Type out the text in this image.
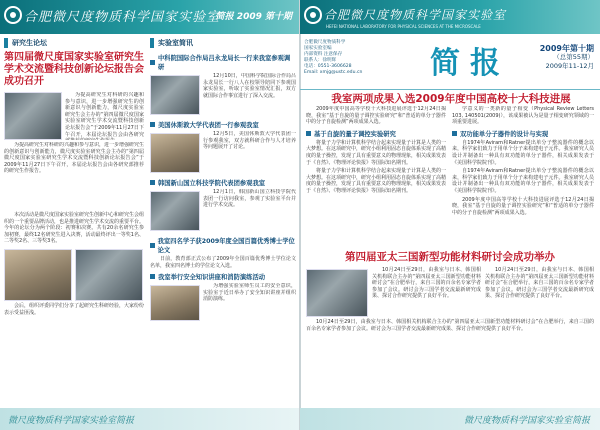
合肥微尺度物质科学国家实验室
简报 2009 第十期
研究生论坛
第四届微尺度国家实验室研究生学术交流暨科技创新论坛报告会成功召开

为提高研究生对科研的兴趣和参与意识，进一步增强研究生的创新意识与创新能力，微尺度实验室研究生会主办的“第四届微尺度国家实验室研究生学术交流暨科技创新论坛报告会”于2009年11月27日下午召开，本届论坛报告会由各研究

为提高研究生对科研的兴趣和参与意识，进一步增强研究生的创新意识与创新能力，微尺度实验室研究生会主办的“第四届微尺度国家实验室研究生学术交流暨科技创新论坛报告会”于2009年11月27日下午召开，本届论坛报告会由各研究部推荐的研究生作报告。

本次活动是微尺度国家实验室研究生创新中心和研究生会组织的一个重要品牌活动，也是推进研究生学术交流的重要平台。今年的论坛分为两个阶段：初赛和决赛。共有20余名研究生参加初赛，最终12名研究生进入决赛，活动最终评出一等奖1名、二等奖2名、三等奖3名。

会后，组织评委同学们分享了起研究生科研经验，大家纷纷表示受益匪浅。

实验室简讯
中科院国际合作局吕永龙局长一行来我室参观调研

12月10日，中国科学院国际合作局吕永龙局长一行八人在校领导陪同下参观国家实验室，听取了实验室情况汇报，双方就国际合作事宜进行了深入交流。

美国休斯敦大学代表团一行参观我室

12月5日，美国休斯敦大学代表团一行参观我室，双方就科研合作与人才培养等问题展开了讨论。

韩国新山国立科技学院代表团参观我室

12月1日，韩国新山国立科技学院代表团一行访问我室，参观了实验室平台并进行学术交流。

我室四名学子获2009年度全国百篇优秀博士学位论文

日前，教育部正式公布了2009年全国百篇优秀博士学位论文名单，我室四名博士的学位论文入选。

我室举行安全知识讲座和消防演练活动

为增强实验室师生员工的安全意识，实验室于近日举办了安全知识讲座并组织消防演练。

微尺度物质科学国家实验室简报
合肥微尺度物质科学国家实验室
HEFEI NATIONAL LABORATORY FOR PHYSICAL SCIENCES AT THE MICROSCALE
合肥微尺度物质科学
国家实验室编
内部资料 注意保存
联系人：徐明辉
电话：0551-3606628
Email: xmjg@ustc.edu.cn	简报	2009年第十期
（总第55期）
2009年11-12月
我室两项成果入选2009年度中国高校十大科技进展

2009年度中国高等学校十大科技进展评选于12月24日揭晓，我室“基于自旋的量子调控实验研究”和“普适的单分子器件中的分子自旋检测”两项成果入选。

基于自旋的量子调控实验研究

将量子力学和计算机科学结合起来实现量子计算是人类的一大梦想。在这项研究中，研究小组利用固态自旋体系实现了高精度的量子操控，发现了具有重要意义的物理现象，相关成果发表于《自然》、《物理评论快报》等国际知名期刊。

将量子力学和计算机科学结合起来实现量子计算是人类的一大梦想。在这项研究中，研究小组利用固态自旋体系实现了高精度的量子操控，发现了具有重要意义的物理现象，相关成果发表于《自然》、《物理评论快报》等国际知名期刊。

学意义的一类新的量子相变（Physical Review Letters 103, 140501(2009)），该成果被认为是量子相变研究领域的一项重要进展。

双功能单分子器件的设计与实现

自1974年Aviram和Ratner提出单分子整流器件的概念以来，科学家们致力于用单个分子来构建电子元件。我室研究人员设计并制备出一种具有双功能的单分子器件，相关成果发表于《美国科学院院刊》。

自1974年Aviram和Ratner提出单分子整流器件的概念以来，科学家们致力于用单个分子来构建电子元件。我室研究人员设计并制备出一种具有双功能的单分子器件，相关成果发表于《美国科学院院刊》。

2009年度中国高等学校十大科技进展评选于12月24日揭晓，我室“基于自旋的量子调控实验研究”和“普适的单分子器件中的分子自旋检测”两项成果入选。

第四届亚太三国新型功能材料研讨会成功举办

10月24日至29日，由我室与日本、韩国相关机构联合主办的“第四届亚太三国新型功能材料研讨会”在合肥举行，来自三国的百余名专家学者参加了会议。研讨会为三国学者交流最新研究成果、探讨合作研究提供了良好平台。

10月24日至29日，由我室与日本、韩国相关机构联合主办的“第四届亚太三国新型功能材料研讨会”在合肥举行，来自三国的百余名专家学者参加了会议。研讨会为三国学者交流最新研究成果、探讨合作研究提供了良好平台。

10月24日至29日，由我室与日本、韩国相关机构联合主办的“第四届亚太三国新型功能材料研讨会”在合肥举行，来自三国的百余名专家学者参加了会议。研讨会为三国学者交流最新研究成果、探讨合作研究提供了良好平台。

微尺度物质科学国家实验室简报
